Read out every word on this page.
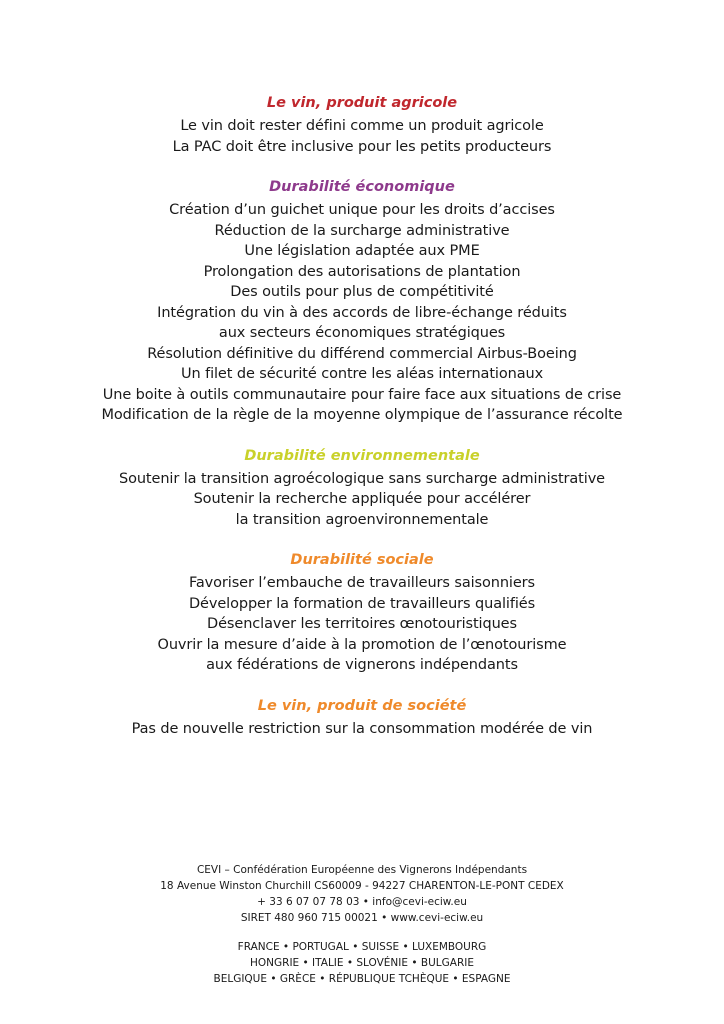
Le vin, produit agricole
Le vin doit rester défini comme un produit agricole
La PAC doit être inclusive pour les petits producteurs
Durabilité économique
Création d’un guichet unique pour les droits d’accises
Réduction de la surcharge administrative
Une législation adaptée aux PME
Prolongation des autorisations de plantation
Des outils pour plus de compétitivité
Intégration du vin à des accords de libre-échange réduits
aux secteurs économiques stratégiques
Résolution définitive du différend commercial Airbus-Boeing
Un filet de sécurité contre les aléas internationaux
Une boite à outils communautaire pour faire face aux situations de crise
Modification de la règle de la moyenne olympique de l’assurance récolte
Durabilité environnementale
Soutenir la transition agroécologique sans surcharge administrative
Soutenir la recherche appliquée pour accélérer
la transition agroenvironnementale
Durabilité sociale
Favoriser l’embauche de travailleurs saisonniers
Développer la formation de travailleurs qualifiés
Désenclaver les territoires œnotouristiques
Ouvrir la mesure d’aide à la promotion de l’œnotourisme
aux fédérations de vignerons indépendants
Le vin, produit de société
Pas de nouvelle restriction sur la consommation modérée de vin
CEVI – Confédération Européenne des Vignerons Indépendants
18 Avenue Winston Churchill CS60009 - 94227 CHARENTON-LE-PONT CEDEX
+ 33 6 07 07 78 03 • info@cevi-eciw.eu
SIRET 480 960 715 00021 • www.cevi-eciw.eu
FRANCE • PORTUGAL • SUISSE • LUXEMBOURG
HONGRIE • ITALIE • SLOVÉNIE • BULGARIE
BELGIQUE • GRÈCE • RÉPUBLIQUE TCHÈQUE • ESPAGNE
